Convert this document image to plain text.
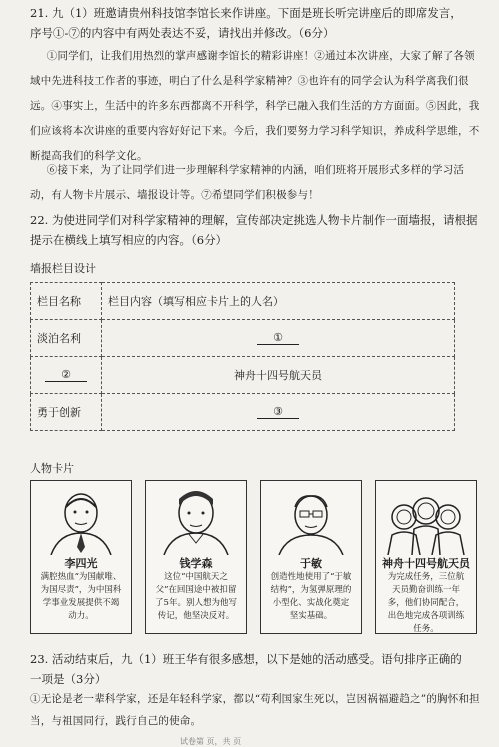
21. 九（1）班邀请贵州科技馆李馆长来作讲座。下面是班长听完讲座后的即席发言，
序号①-⑦的内容中有两处表达不妥，请找出并修改。（6分）
①同学们，让我们用热烈的掌声感谢李馆长的精彩讲座！②通过本次讲座，大家了解了各领域中先进科技工作者的事迹，明白了什么是科学家精神？③也许有的同学会认为科学离我们很远。④事实上，生活中的许多东西都离不开科学，科学已融入我们生活的方方面面。⑤因此，我们应该将本次讲座的重要内容好好记下来。今后，我们要努力学习科学知识，养成科学思维，不断提高我们的科学文化。
⑥接下来，为了让同学们进一步理解科学家精神的内涵，咱们班将开展形式多样的学习活动，有人物卡片展示、墙报设计等。⑦希望同学们积极参与！
22. 为使进同学们对科学家精神的理解，宣传部决定挑选人物卡片制作一面墙报，请根据提示在横线上填写相应的内容。（6分）
墙报栏目设计
栏目名称	栏目内容（填写相应卡片上的人名）
淡泊名利	①
②	神舟十四号航天员
勇于创新	③
人物卡片
李四光
满腔热血“为国献唯、为国尽责”，为中国科学事业发展提供不竭动力。
钱学森
这位“中国航天之父”在回国途中被扣留了5年。别人想为他写传记，他坚决反对。
于敏
创造性地使用了“于敏结构”，为氢弹原理的小型化、实战化奠定坚实基础。
神舟十四号航天员
为完成任务，三位航天员勤奋训练一年多，他们协同配合，出色地完成各项训练任务。
23. 活动结束后，九（1）班王华有很多感想，以下是她的活动感受。语句排序正确的
一项是（3分）
①无论是老一辈科学家，还是年轻科学家，都以“苟利国家生死以，岂因祸福避趋之”的胸怀和担当，与祖国同行，践行自己的使命。
试卷第 页，共 页
